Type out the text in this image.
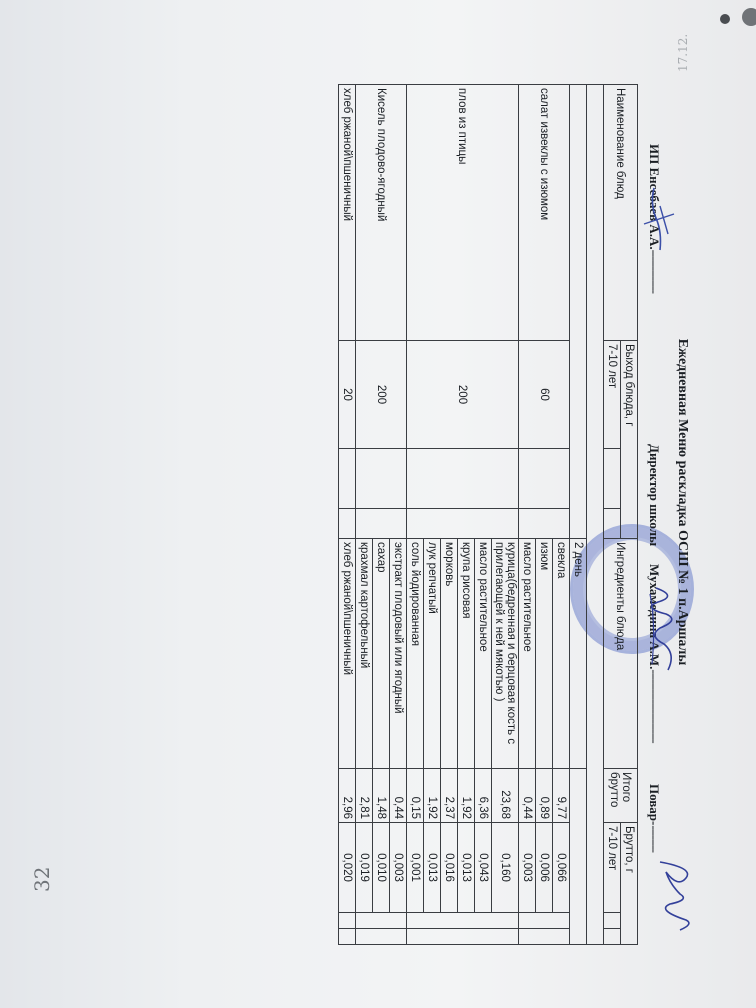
32
17.12.
Ежедневная Меню раскладка ОСШ № 1 п.Аршалы
ИП Енсебаев А.А.-------------
Директор школы
Мухамедина А.М.----------------------
Повар---------
Наименование блюд	Выход блюда, г			Ингредиенты блюда	Итого брутто	Брутто, г		
	7-10 лет					7-10 лет		

				2 день				
салат извеклы с изюмом	60			свекла	9,77	0,066		
				изюм	0,89	0,006		
				масло растительное	0,44	0,003		
плов из птицы	200			курица(бедренная и берцовая кость с прилегающей к ней мякотью )	23,68	0,160		
				масло растительное	6,36	0,043		
				крупа рисовая	1,92	0,013		
				морковь	2,37	0,016		
				лук репчатый	1,92	0,013		
				соль йодированная	0,15	0,001		
Кисель плодово-ягодный	200			экстракт плодовый или ягодный	0,44	0,003		
				сахар	1,48	0,010		
				крахмал картофельный	2,81	0,019		
хлеб ржаной\пшеничный	20			хлеб ржаной\пшеничный	2,96	0,020		
